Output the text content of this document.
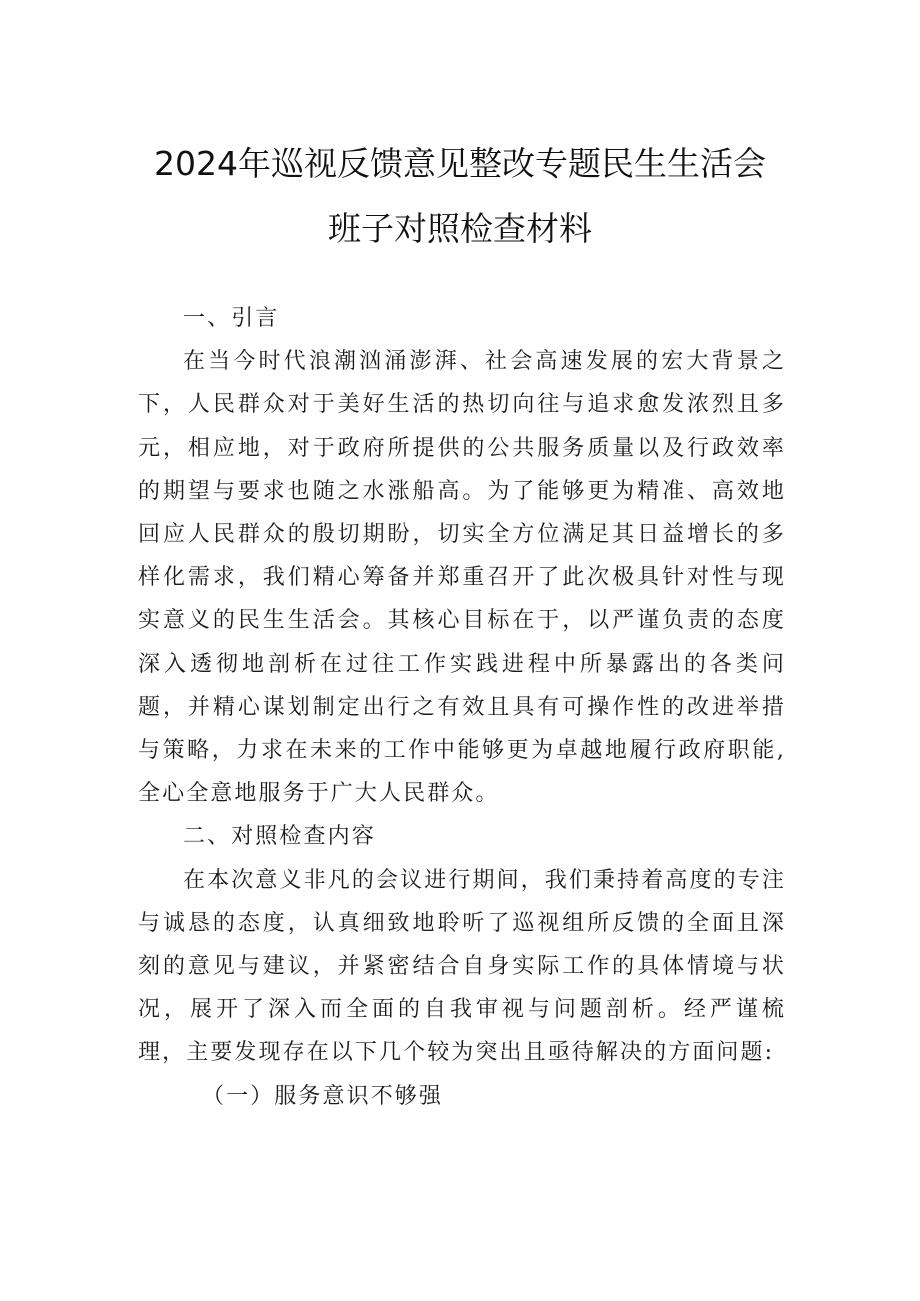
2024年巡视反馈意见整改专题民生生活会
班子对照检查材料

一、引言

在当今时代浪潮汹涌澎湃、社会高速发展的宏大背景之下，人民群众对于美好生活的热切向往与追求愈发浓烈且多元，相应地，对于政府所提供的公共服务质量以及行政效率的期望与要求也随之水涨船高。为了能够更为精准、高效地回应人民群众的殷切期盼，切实全方位满足其日益增长的多样化需求，我们精心筹备并郑重召开了此次极具针对性与现实意义的民生生活会。其核心目标在于，以严谨负责的态度深入透彻地剖析在过往工作实践进程中所暴露出的各类问题，并精心谋划制定出行之有效且具有可操作性的改进举措与策略，力求在未来的工作中能够更为卓越地履行政府职能,全心全意地服务于广大人民群众。

二、对照检查内容

在本次意义非凡的会议进行期间，我们秉持着高度的专注与诚恳的态度，认真细致地聆听了巡视组所反馈的全面且深刻的意见与建议，并紧密结合自身实际工作的具体情境与状况，展开了深入而全面的自我审视与问题剖析。经严谨梳理，主要发现存在以下几个较为突出且亟待解决的方面问题:

（一）服务意识不够强
